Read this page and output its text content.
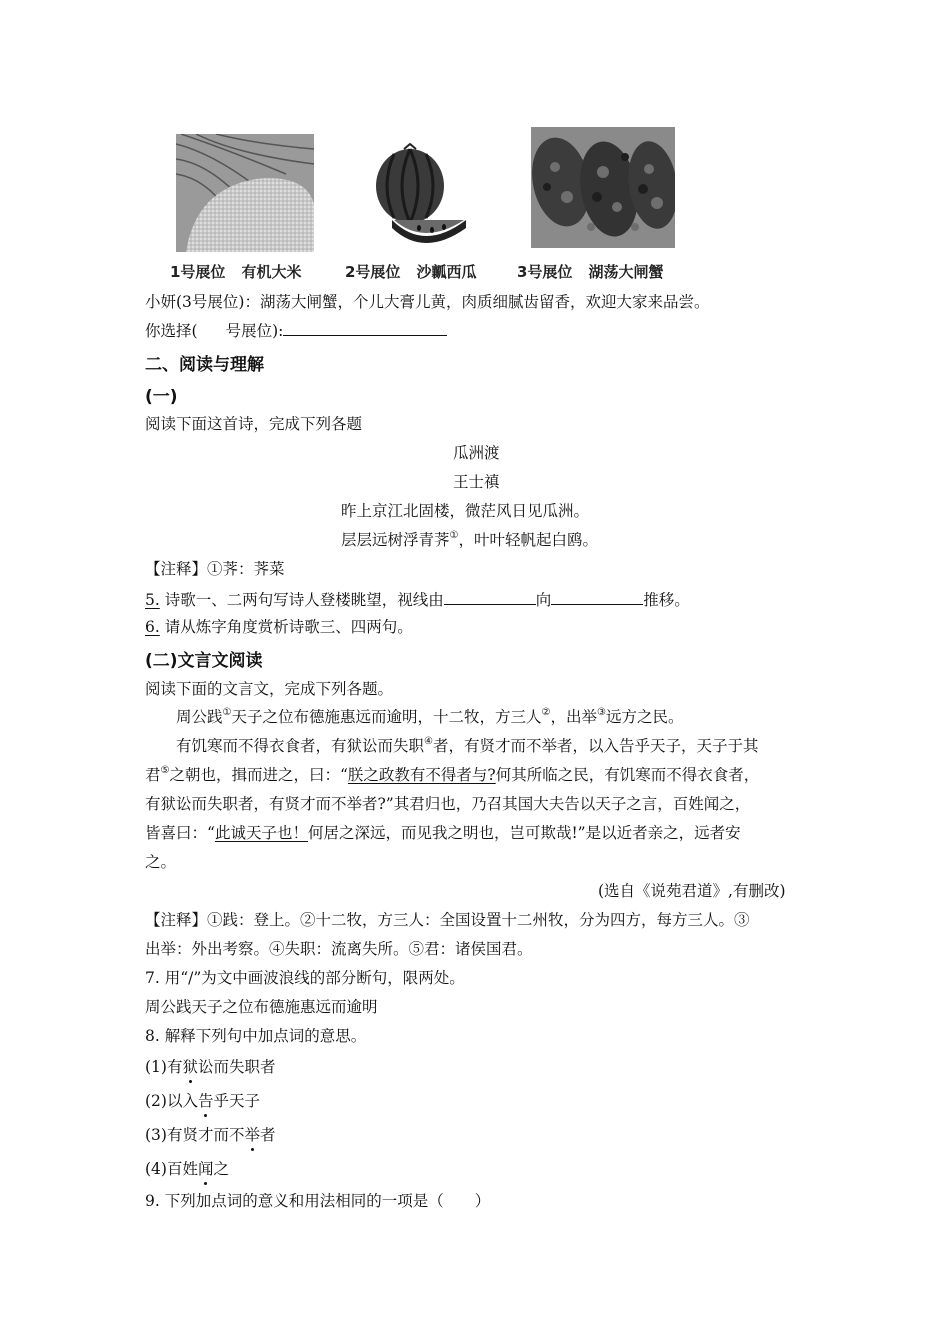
1号展位 有机大米	2号展位 沙瓤西瓜	3号展位 湖荡大闸蟹
小妍(3号展位)：湖荡大闸蟹，个儿大膏儿黄，肉质细腻齿留香，欢迎大家来品尝。
你选择( 号展位):
二、阅读与理解
(一)
阅读下面这首诗，完成下列各题
瓜洲渡
王士禛
昨上京江北固楼，微茫风日见瓜洲。
层层远树浮青荠①，叶叶轻帆起白鸥。
【注释】①荠：荠菜
5. 诗歌一、二两句写诗人登楼眺望，视线由	向	推移。
6. 请从炼字角度赏析诗歌三、四两句。
(二)文言文阅读
阅读下面的文言文，完成下列各题。
周公践①天子之位布德施惠远而逾明，十二牧，方三人②，出举③远方之民。
有饥寒而不得衣食者，有狱讼而失职④者，有贤才而不举者，以入告乎天子，天子于其
君⑤之朝也，揖而进之，曰：“朕之政教有不得者与?何其所临之民，有饥寒而不得衣食者，
有狱讼而失职者，有贤才而不举者?”其君归也，乃召其国大夫告以天子之言，百姓闻之，
皆喜曰：“此诚天子也！何居之深远，而见我之明也，岂可欺哉!”是以近者亲之，远者安
之。
(选自《说苑君道》,有删改)
【注释】①践：登上。②十二牧，方三人：全国设置十二州牧，分为四方，每方三人。③
出举：外出考察。④失职：流离失所。⑤君：诸侯国君。
7. 用“/”为文中画波浪线的部分断句，限两处。
周公践天子之位布德施惠远而逾明
8. 解释下列句中加点词的意思。
(1)有狱讼而失职者
(2)以入告乎天子
(3)有贤才而不举者
(4)百姓闻之
9. 下列加点词的意义和用法相同的一项是（　　）
